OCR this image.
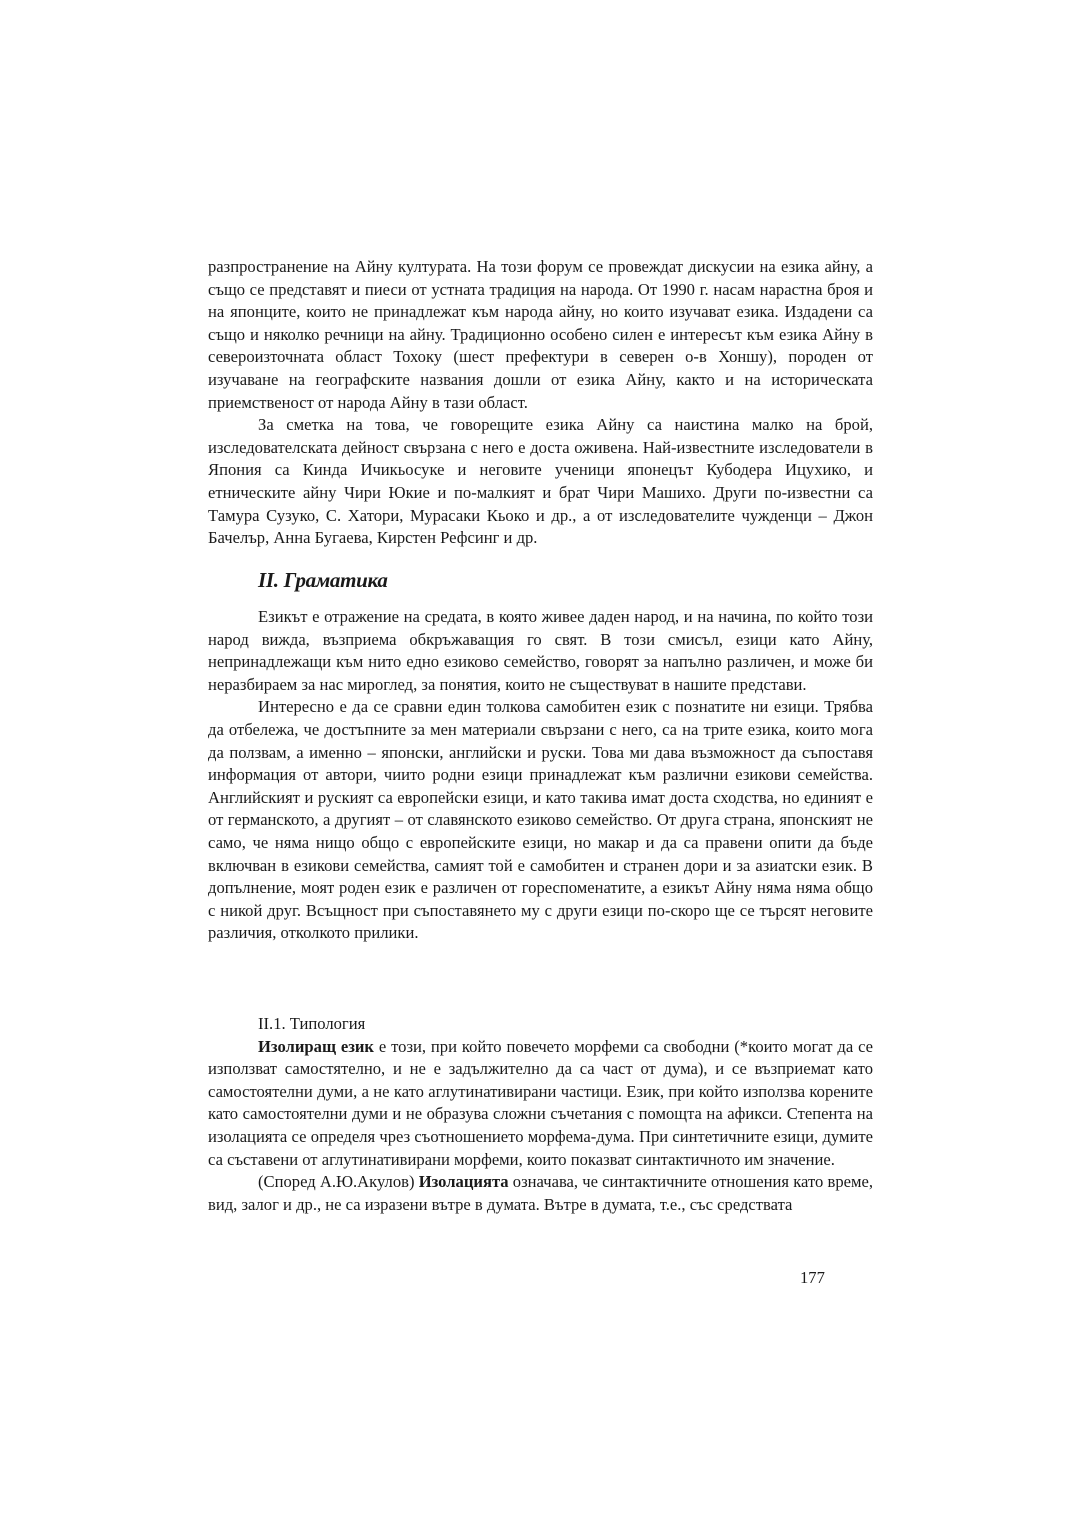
разпространение на Айну културата. На този форум се провеждат дискусии на езика айну, а също се представят и пиеси от устната традиция на народа. От 1990 г. насам нарастна броя и на японците, които не принадлежат към народа айну, но които изучават езика. Издадени са също и няколко речници на айну. Традиционно особено силен е интересът към езика Айну в североизточната област Тохоку (шест префектури в северен о-в Хоншу), породен от изучаване на географските названия дошли от езика Айну, както и на историческата приемственост от народа Айну в тази област.

За сметка на това, че говорещите езика Айну са наистина малко на брой, изследователската дейност свързана с него е доста оживена. Най-известните изследователи в Япония са Кинда Ичикьосуке и неговите ученици японецът Кубодера Ицухико, и етническите айну Чири Юкие и по-малкият и брат Чири Машихо. Други по-известни са Тамура Сузуко, С. Хатори, Мурасаки Кьоко и др., а от изследователите чужденци – Джон Бачелър, Анна Бугаева, Кирстен Рефсинг и др.

II. Граматика

Езикът е отражение на средата, в която живее даден народ, и на начина, по който този народ вижда, възприема обкръжаващия го свят. В този смисъл, езици като Айну, непринадлежащи към нито едно езиково семейство, говорят за напълно различен, и може би неразбираем за нас мироглед, за понятия, които не съществуват в нашите представи.

Интересно е да се сравни един толкова самобитен език с познатите ни езици. Трябва да отбележа, че достъпните за мен материали свързани с него, са на трите езика, които мога да ползвам, а именно – японски, английски и руски. Това ми дава възможност да съпоставя информация от автори, чиито родни езици принадлежат към различни езикови семейства. Английският и руският са европейски езици, и като такива имат доста сходства, но единият е от германското, а другият – от славянското езиково семейство. От друга страна, японският не само, че няма нищо общо с европейските езици, но макар и да са правени опити да бъде включван в езикови семейства, самият той е самобитен и странен дори и за азиатски език. В допълнение, моят роден език е различен от гореспоменатите, а езикът Айну няма няма общо с никой друг. Всъщност при съпоставянето му с други езици по-скоро ще се търсят неговите различия, отколкото прилики.

II.1. Типология

Изолиращ език е този, при който повечето морфеми са свободни (*които могат да се използват самостятелно, и не е задължително да са част от дума), и се възприемат като самостоятелни думи, а не като аглутинативирани частици. Език, при който използва корените като самостоятелни думи и не образува сложни съчетания с помощта на афикси. Степента на изолацията се определя чрез съотношението морфема-дума. При синтетичните езици, думите са съставени от аглутинативирани морфеми, които показват синтактичното им значение.

(Според А.Ю.Акулов) Изолацията означава, че синтактичните отношения като време, вид, залог и др., не са изразени вътре в думата. Вътре в думата, т.е., със средствата

177
